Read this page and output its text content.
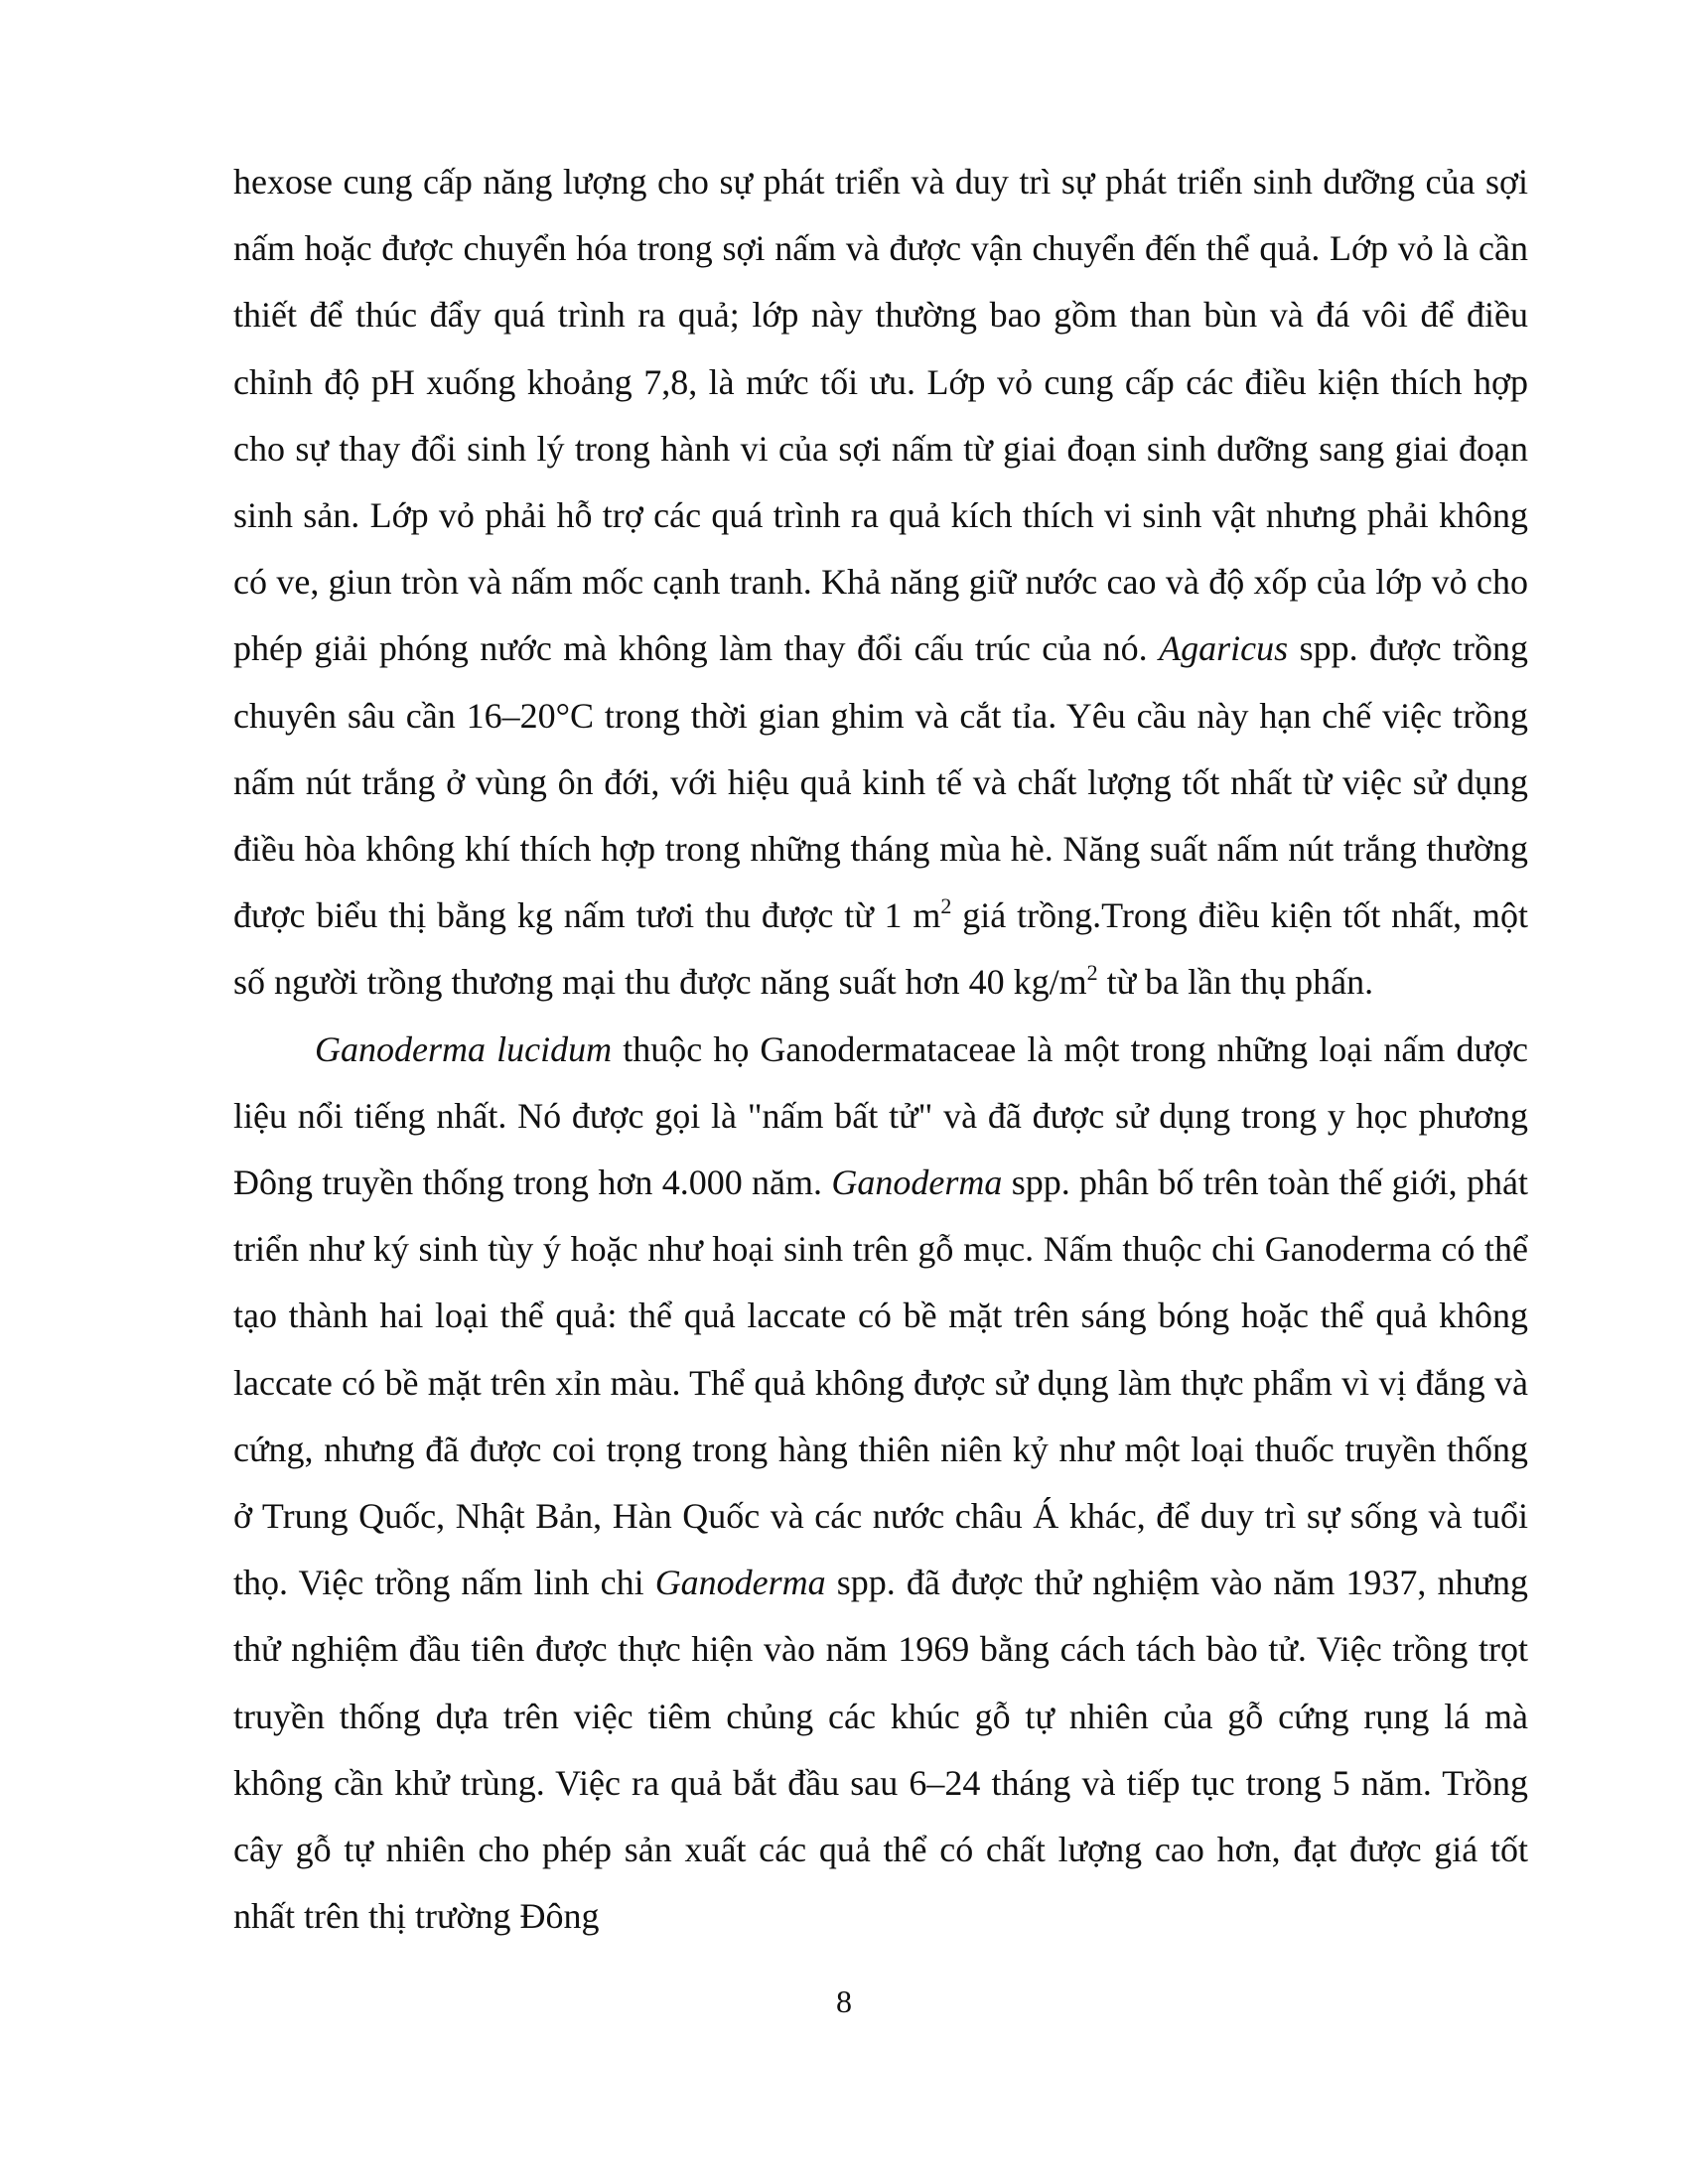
hexose cung cấp năng lượng cho sự phát triển và duy trì sự phát triển sinh dưỡng của sợi nấm hoặc được chuyển hóa trong sợi nấm và được vận chuyển đến thể quả. Lớp vỏ là cần thiết để thúc đẩy quá trình ra quả; lớp này thường bao gồm than bùn và đá vôi để điều chỉnh độ pH xuống khoảng 7,8, là mức tối ưu. Lớp vỏ cung cấp các điều kiện thích hợp cho sự thay đổi sinh lý trong hành vi của sợi nấm từ giai đoạn sinh dưỡng sang giai đoạn sinh sản. Lớp vỏ phải hỗ trợ các quá trình ra quả kích thích vi sinh vật nhưng phải không có ve, giun tròn và nấm mốc cạnh tranh. Khả năng giữ nước cao và độ xốp của lớp vỏ cho phép giải phóng nước mà không làm thay đổi cấu trúc của nó. Agaricus spp. được trồng chuyên sâu cần 16–20°C trong thời gian ghim và cắt tỉa. Yêu cầu này hạn chế việc trồng nấm nút trắng ở vùng ôn đới, với hiệu quả kinh tế và chất lượng tốt nhất từ việc sử dụng điều hòa không khí thích hợp trong những tháng mùa hè. Năng suất nấm nút trắng thường được biểu thị bằng kg nấm tươi thu được từ 1 $m^2$ giá trồng.Trong điều kiện tốt nhất, một số người trồng thương mại thu được năng suất hơn 40 $kg/m^2$ từ ba lần thụ phấn.

Ganoderma lucidum thuộc họ Ganodermataceae là một trong những loại nấm dược liệu nổi tiếng nhất. Nó được gọi là "nấm bất tử" và đã được sử dụng trong y học phương Đông truyền thống trong hơn 4.000 năm. Ganoderma spp. phân bố trên toàn thế giới, phát triển như ký sinh tùy ý hoặc như hoại sinh trên gỗ mục. Nấm thuộc chi Ganoderma có thể tạo thành hai loại thể quả: thể quả laccate có bề mặt trên sáng bóng hoặc thể quả không laccate có bề mặt trên xỉn màu. Thể quả không được sử dụng làm thực phẩm vì vị đắng và cứng, nhưng đã được coi trọng trong hàng thiên niên kỷ như một loại thuốc truyền thống ở Trung Quốc, Nhật Bản, Hàn Quốc và các nước châu Á khác, để duy trì sự sống và tuổi thọ. Việc trồng nấm linh chi Ganoderma spp. đã được thử nghiệm vào năm 1937, nhưng thử nghiệm đầu tiên được thực hiện vào năm 1969 bằng cách tách bào tử. Việc trồng trọt truyền thống dựa trên việc tiêm chủng các khúc gỗ tự nhiên của gỗ cứng rụng lá mà không cần khử trùng. Việc ra quả bắt đầu sau 6–24 tháng và tiếp tục trong 5 năm. Trồng cây gỗ tự nhiên cho phép sản xuất các quả thể có chất lượng cao hơn, đạt được giá tốt nhất trên thị trường Đông

8
